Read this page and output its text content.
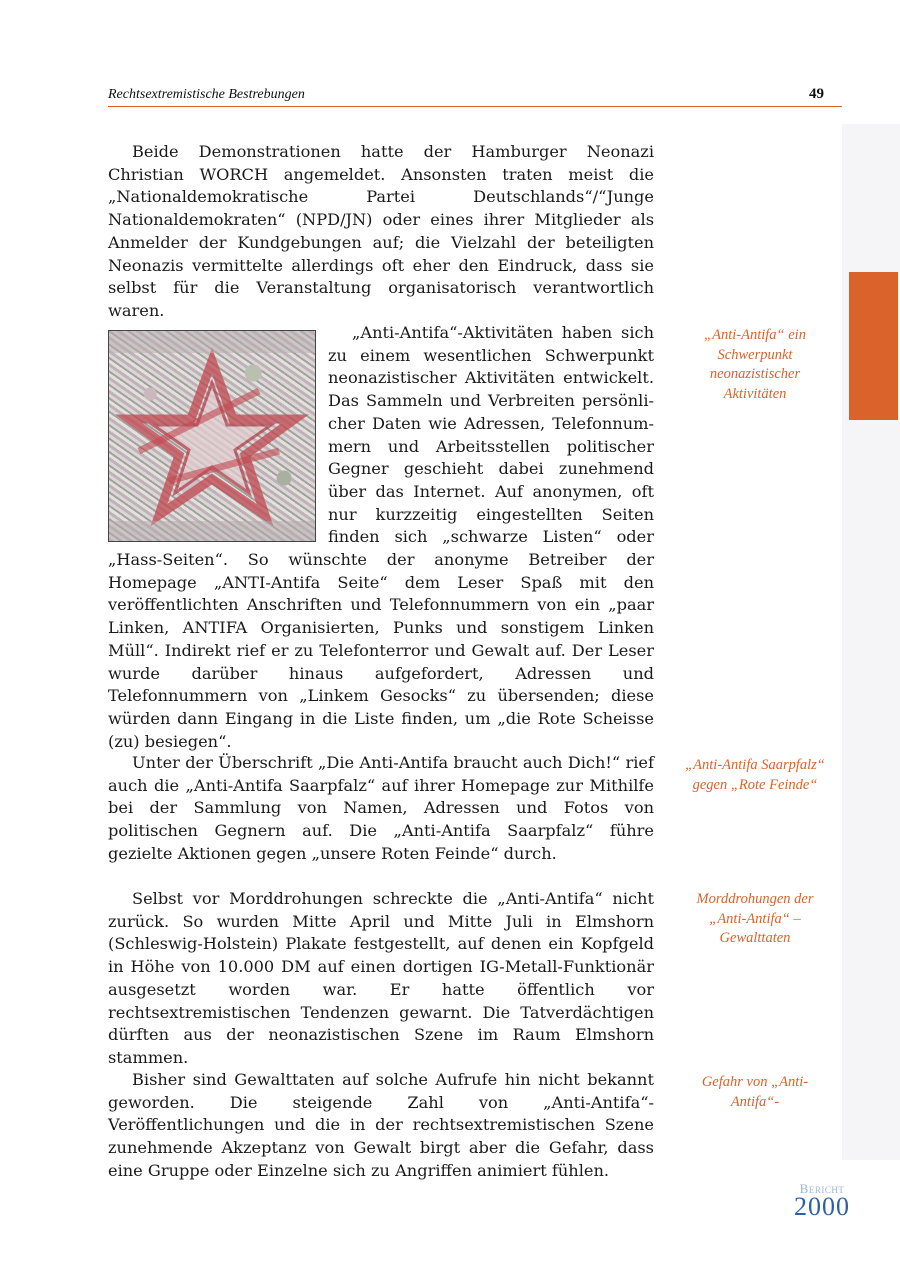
Rechtsextremistische Bestrebungen	49

Beide Demonstrationen hatte der Hamburger Neonazi Christian WORCH angemeldet. Ansonsten traten meist die „Nationaldemokratische Partei Deutschlands“/“Junge Nationaldemokraten“ (NPD/JN) oder eines ihrer Mitglieder als Anmelder der Kundgebungen auf; die Vielzahl der beteiligten Neonazis vermittelte allerdings oft eher den Eindruck, dass sie selbst für die Veranstaltung organisatorisch verantwortlich waren.

„Anti-Antifa“-Aktivitäten haben sich zu einem wesentlichen Schwerpunkt neonazistischer Aktivitäten entwickelt. Das Sammeln und Verbreiten persönlicher Daten wie Adressen, Telefonnummern und Arbeitsstellen politischer Gegner geschieht dabei zunehmend über das Internet. Auf anonymen, oft nur kurzzeitig eingestellten Seiten finden sich „schwarze Listen“ oder „Hass-Seiten“. So wünschte der anonyme Betreiber der Homepage „ANTI-Antifa Seite“ dem Leser Spaß mit den veröffentlichten Anschriften und Telefonnummern von ein „paar Linken, ANTIFA Organisierten, Punks und sonstigem Linken Müll“. Indirekt rief er zu Telefonterror und Gewalt auf. Der Leser wurde darüber hinaus aufgefordert, Adressen und Telefonnummern von „Linkem Gesocks“ zu übersenden; diese würden dann Eingang in die Liste finden, um „die Rote Scheisse (zu) besiegen“.

Unter der Überschrift „Die Anti-Antifa braucht auch Dich!“ rief auch die „Anti-Antifa Saarpfalz“ auf ihrer Homepage zur Mithilfe bei der Sammlung von Namen, Adressen und Fotos von politischen Gegnern auf. Die „Anti-Antifa Saarpfalz“ führe gezielte Aktionen gegen „unsere Roten Feinde“ durch.

Selbst vor Morddrohungen schreckte die „Anti-Antifa“ nicht zurück. So wurden Mitte April und Mitte Juli in Elmshorn (Schleswig-Holstein) Plakate festgestellt, auf denen ein Kopfgeld in Höhe von 10.000 DM auf einen dortigen IG-Metall-Funktionär ausgesetzt worden war. Er hatte öffentlich vor rechtsextremistischen Tendenzen gewarnt. Die Tatverdächtigen dürften aus der neonazistischen Szene im Raum Elmshorn stammen.

Bisher sind Gewalttaten auf solche Aufrufe hin nicht bekannt geworden. Die steigende Zahl von „Anti-Antifa“-Veröffentlichungen und die in der rechtsextremistischen Szene zunehmende Akzeptanz von Gewalt birgt aber die Gefahr, dass eine Gruppe oder Einzelne sich zu Angriffen animiert fühlen.

„Anti-Antifa“ ein Schwerpunkt neonazistischer Aktivitäten
„Anti-Antifa Saarpfalz“ gegen „Rote Feinde“
Morddrohungen der „Anti-Antifa“ – Gewalttaten
Gefahr von „Anti-Antifa“-
Bericht
2000
